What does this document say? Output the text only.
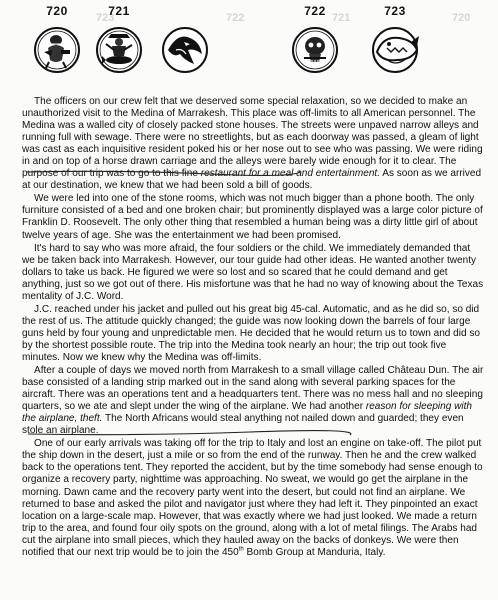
723	722	721	720
720	721	722	723

The officers on our crew felt that we deserved some special relaxation, so we decided to make an unauthorized visit to the Medina of Marrakesh. This place was off-limits to all American personnel. The Medina was a walled city of closely packed stone houses. The streets were unpaved narrow alleys and running full with sewage. There were no streetlights, but as each doorway was passed, a gleam of light was cast as each inquisitive resident poked his or her nose out to see who was passing. We were riding in and on top of a horse drawn carriage and the alleys were barely wide enough for it to clear. The purpose of our trip was to go to this fine restaurant for a meal and entertainment. As soon as we arrived at our destination, we knew that we had been sold a bill of goods.

We were led into one of the stone rooms, which was not much bigger than a phone booth. The only furniture consisted of a bed and one broken chair; but prominently displayed was a large color picture of Franklin D. Roosevelt. The only other thing that resembled a human being was a dirty little girl of about twelve years of age. She was the entertainment we had been promised.

It's hard to say who was more afraid, the four soldiers or the child. We immediately demanded that we be taken back into Marrakesh. However, our tour guide had other ideas. He wanted another twenty dollars to take us back. He figured we were so lost and so scared that he could demand and get anything, just so we got out of there. His misfortune was that he had no way of knowing about the Texas mentality of J.C. Word.

J.C. reached under his jacket and pulled out his great big 45-cal. Automatic, and as he did so, so did the rest of us. The attitude quickly changed; the guide was now looking down the barrels of four large guns held by four young and unpredictable men. He decided that he would return us to town and did so by the shortest possible route. The trip into the Medina took nearly an hour; the trip out took five minutes. Now we knew why the Medina was off-limits.

After a couple of days we moved north from Marrakesh to a small village called Château Dun. The air base consisted of a landing strip marked out in the sand along with several parking spaces for the aircraft. There was an operations tent and a headquarters tent. There was no mess hall and no sleeping quarters, so we ate and slept under the wing of the airplane. We had another reason for sleeping with the airplane, theft. The North Africans would steal anything not nailed down and guarded; they even stole an airplane.

One of our early arrivals was taking off for the trip to Italy and lost an engine on take-off. The pilot put the ship down in the desert, just a mile or so from the end of the runway. Then he and the crew walked back to the operations tent. They reported the accident, but by the time somebody had sense enough to organize a recovery party, nighttime was approaching. No sweat, we would go get the airplane in the morning. Dawn came and the recovery party went into the desert, but could not find an airplane. We returned to base and asked the pilot and navigator just where they had left it. They pinpointed an exact location on a large-scale map. However, that was exactly where we had just looked. We made a return trip to the area, and found four oily spots on the ground, along with a lot of metal filings. The Arabs had cut the airplane into small pieces, which they hauled away on the backs of donkeys. We were then notified that our next trip would be to join the 450th Bomb Group at Manduria, Italy.
